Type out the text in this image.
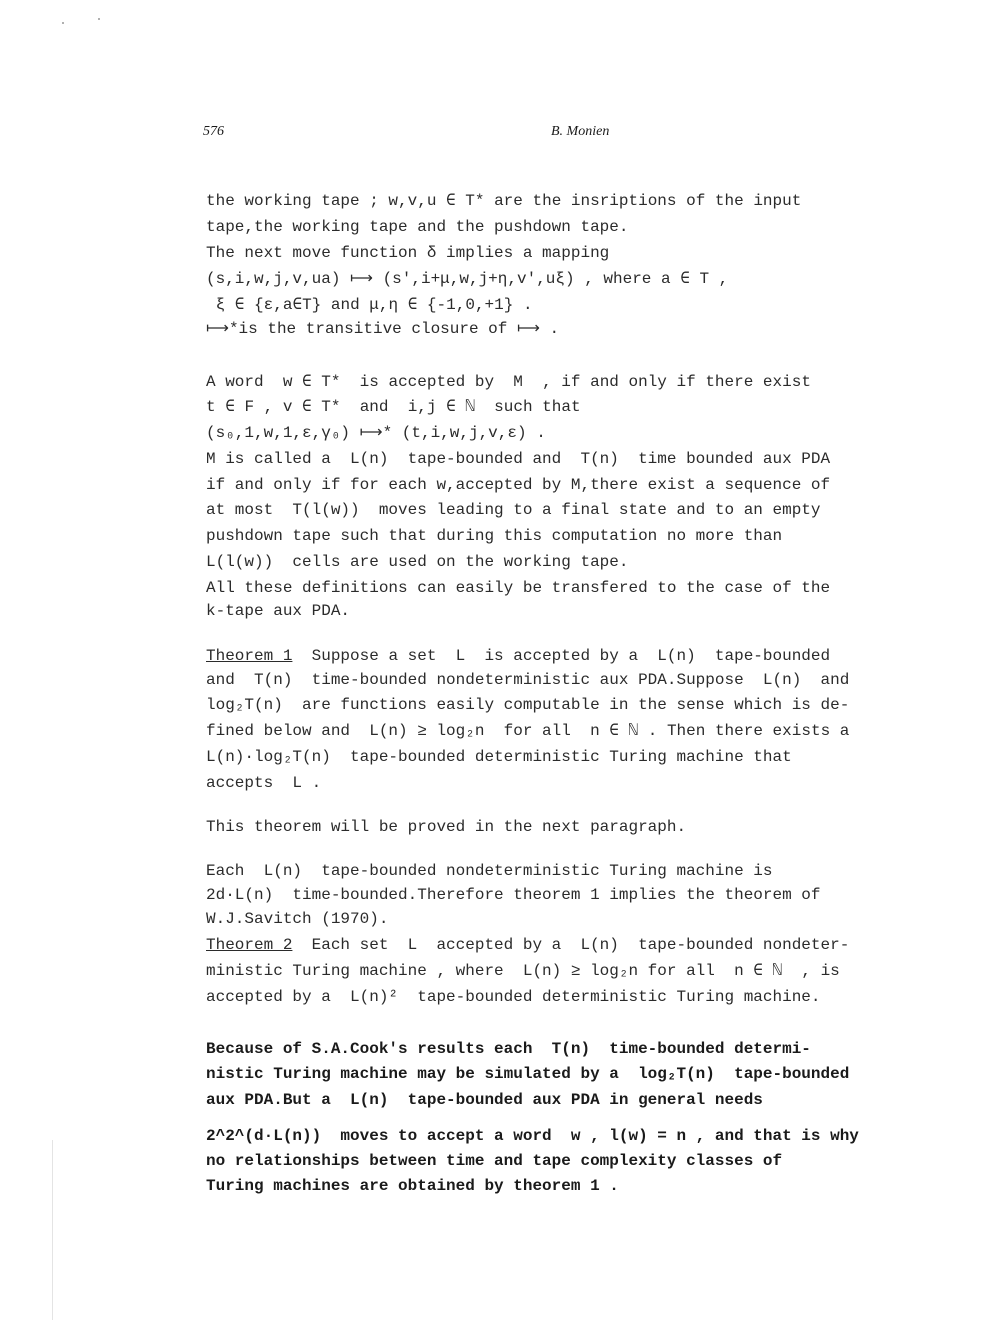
576	B. Monien
the working tape ; w,v,u ∈ T* are the insriptions of the input
tape,the working tape and the pushdown tape.
The next move function δ implies a mapping
(s,i,w,j,v,ua) ⟼ (s',i+μ,w,j+η,v',uξ) , where a ∈ T ,
ξ ∈ {ε,a∈T} and μ,η ∈ {-1,0,+1} .
⟼*is the transitive closure of ⟼ .
A word  w ∈ T*  is accepted by  M  , if and only if there exist
t ∈ F , v ∈ T*  and  i,j ∈ ℕ  such that
(s₀,1,w,1,ε,γ₀) ⟼* (t,i,w,j,v,ε) .
M is called a  L(n)  tape-bounded and  T(n)  time bounded aux PDA
if and only if for each w,accepted by M,there exist a sequence of
at most  T(l(w))  moves leading to a final state and to an empty
pushdown tape such that during this computation no more than
L(l(w))  cells are used on the working tape.
All these definitions can easily be transfered to the case of the
k-tape aux PDA.
Theorem 1 Suppose a set  L  is accepted by a  L(n)  tape-bounded
and  T(n)  time-bounded nondeterministic aux PDA.Suppose  L(n)  and
log₂T(n)  are functions easily computable in the sense which is de-
fined below and  L(n) ≥ log₂n  for all  n ∈ ℕ . Then there exists a
L(n)·log₂T(n)  tape-bounded deterministic Turing machine that
accepts  L .
This theorem will be proved in the next paragraph.
Each  L(n)  tape-bounded nondeterministic Turing machine is
2d·L(n)  time-bounded.Therefore theorem 1 implies the theorem of
W.J.Savitch (1970).
Theorem 2 Each set  L  accepted by a  L(n)  tape-bounded nondeter-
ministic Turing machine , where  L(n) ≥ log₂n for all  n ∈ ℕ  , is
accepted by a  L(n)²  tape-bounded deterministic Turing machine.
Because of S.A.Cook's results each  T(n)  time-bounded determi-
nistic Turing machine may be simulated by a  log₂T(n)  tape-bounded
aux PDA.But a  L(n)  tape-bounded aux PDA in general needs
2^2^(d·L(n))  moves to accept a word  w , l(w) = n , and that is why
no relationships between time and tape complexity classes of
Turing machines are obtained by theorem 1 .
